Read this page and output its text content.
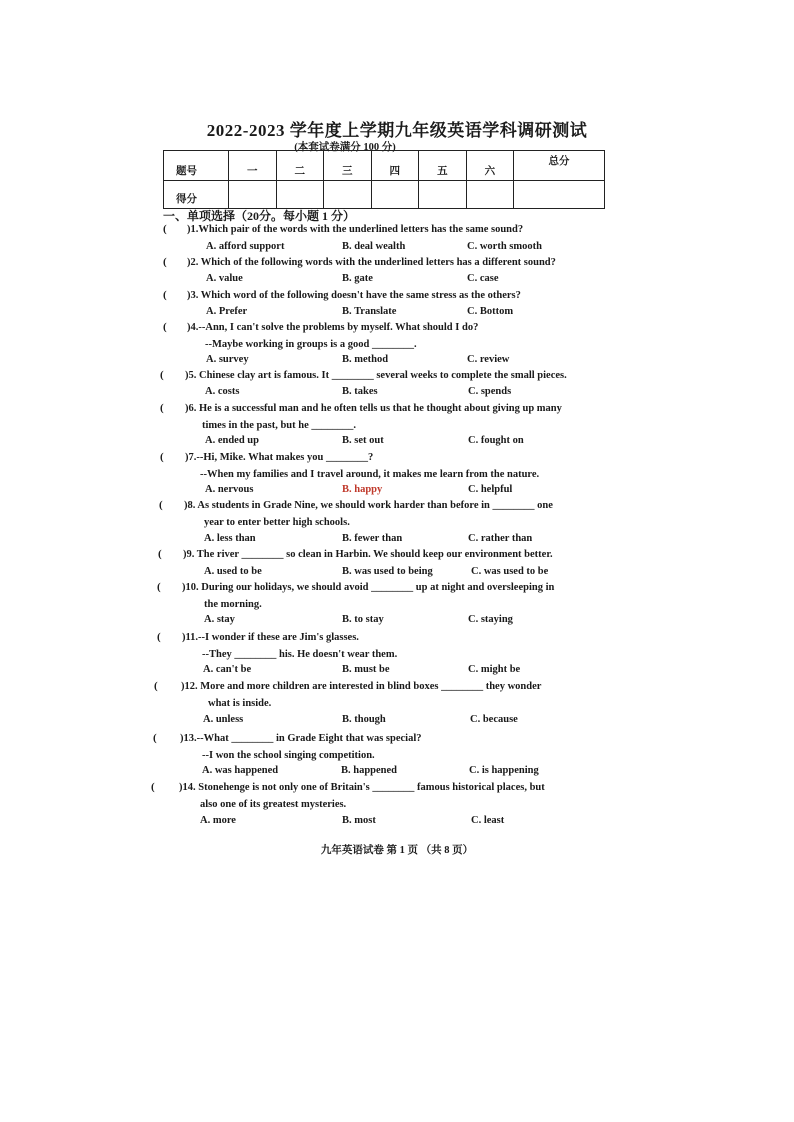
2022-2023 学年度上学期九年级英语学科调研测试
(本套试卷满分 100 分)
题号	一	二	三	四	五	六	总分
得分							
一、单项选择（20分。每小题 1 分）
( )1.Which pair of the words with the underlined letters has the same sound?
A. afford support	B. deal wealth	C. worth smooth
( )2. Which of the following words with the underlined letters has a different sound?
A. value	B. gate	C. case
( )3. Which word of the following doesn't have the same stress as the others?
A. Prefer	B. Translate	C. Bottom
( )4.--Ann, I can't solve the problems by myself. What should I do?
--Maybe working in groups is a good ________.
A. survey	B. method	C. review
( )5. Chinese clay art is famous. It ________ several weeks to complete the small pieces.
A. costs	B. takes	C. spends
( )6. He is a successful man and he often tells us that he thought about giving up many
times in the past, but he ________.
A. ended up	B. set out	C. fought on
( )7.--Hi, Mike. What makes you ________?
--When my families and I travel around, it makes me learn from the nature.
A. nervous	B. happy	C. helpful
( )8. As students in Grade Nine, we should work harder than before in ________ one
year to enter better high schools.
A. less than	B. fewer than	C. rather than
( )9. The river ________ so clean in Harbin. We should keep our environment better.
A. used to be	B. was used to being	C. was used to be
( )10. During our holidays, we should avoid ________ up at night and oversleeping in
the morning.
A. stay	B. to stay	C. staying
( )11.--I wonder if these are Jim's glasses.
--They ________ his. He doesn't wear them.
A. can't be	B. must be	C. might be
( )12. More and more children are interested in blind boxes ________ they wonder
what is inside.
A. unless	B. though	C. because
( )13.--What ________ in Grade Eight that was special?
--I won the school singing competition.
A. was happened	B. happened	C. is happening
( )14. Stonehenge is not only one of Britain's ________ famous historical places, but
also one of its greatest mysteries.
A. more	B. most	C. least
九年英语试卷 第 1 页 （共 8 页）
